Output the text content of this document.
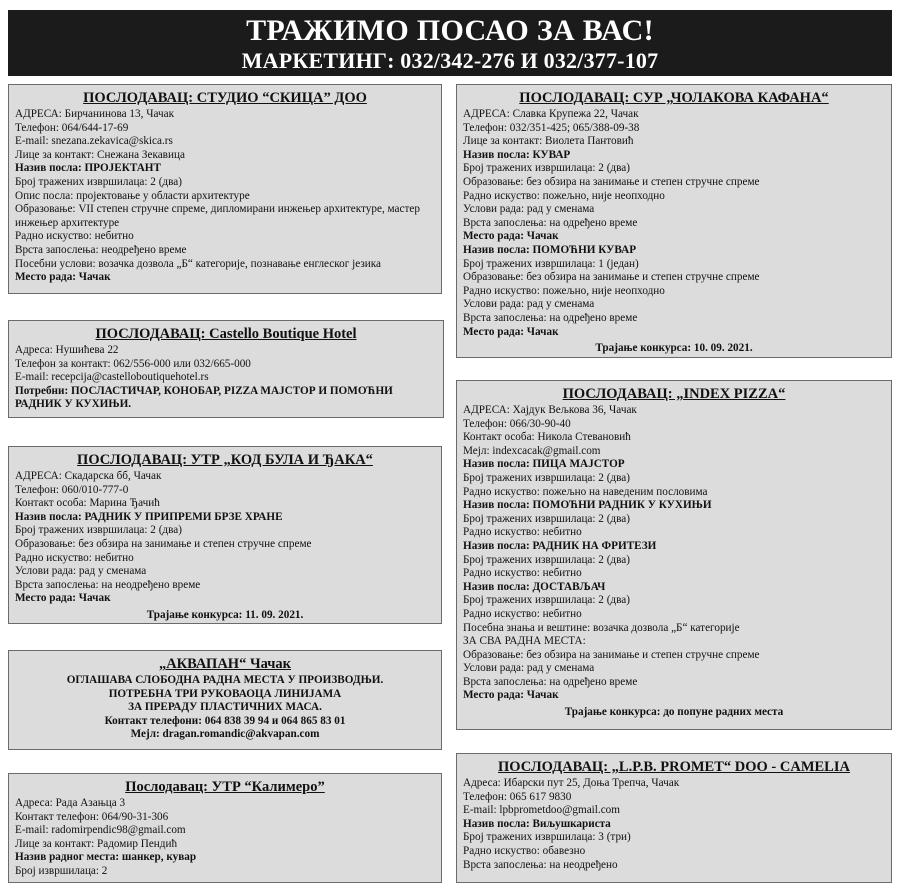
ТРАЖИМО ПОСАО ЗА ВАС!
МАРКЕТИНГ: 032/342-276 И 032/377-107
ПОСЛОДАВАЦ: СТУДИО “СКИЦА” ДОО
АДРЕСА: Бирчанинова 13, Чачак
Телефон: 064/644-17-69
E-mail: snezana.zekavica@skica.rs
Лице за контакт: Снежана Зекавица
Назив посла: ПРОЈЕКТАНТ
Број тражених извршилаца: 2 (два)
Опис посла: пројектовање у области архитектуре
Образовање: VII степен стручне спреме, дипломирани инжењер архитектуре, мастер инжењер архитектуре
Радно искуство: небитно
Врста запослења: неодређено време
Посебни услови: возачка дозвола „Б“ категорије, познавање енглеског језика
Место рада: Чачак
ПОСЛОДАВАЦ: Castello Boutique Hotel
Адреса: Нушићева 22
Телефон за контакт: 062/556-000 или 032/665-000
E-mail: recepcija@castelloboutiquehotel.rs
Потребни: ПОСЛАСТИЧАР, КОНОБАР, PIZZA МАЈСТОР И ПОМОЋНИ
РАДНИК У КУХИЊИ.
ПОСЛОДАВАЦ: УТР „КОД БУЛА И ЂАКА“
АДРЕСА: Скадарска бб, Чачак
Телефон: 060/010-777-0
Контакт особа: Марина Ђачић
Назив посла: РАДНИК У ПРИПРЕМИ БРЗЕ ХРАНЕ
Број тражених извршилаца: 2 (два)
Образовање: без обзира на занимање и степен стручне спреме
Радно искуство: небитно
Услови рада: рад у сменама
Врста запослења: на неодређено време
Место рада: Чачак
Трајање конкурса: 11. 09. 2021.
„АКВАПАН“ Чачак
ОГЛАШАВА СЛОБОДНА РАДНА МЕСТА У ПРОИЗВОДЊИ.
ПОТРЕБНА ТРИ РУКОВАОЦА ЛИНИЈАМА
ЗА ПРЕРАДУ ПЛАСТИЧНИХ МАСА.
Контакт телефони: 064 838 39 94 и 064 865 83 01
Мејл: dragan.romandic@akvapan.com
Послодавац: УТР “Калимеро”
Адреса: Рада Азањца 3
Контакт телефон: 064/90-31-306
E-mail: radomirpendic98@gmail.com
Лице за контакт: Радомир Пендић
Назив радног места: шанкер, кувар
Број извршилаца: 2
ПОСЛОДАВАЦ: СУР „ЧОЛАКОВА КАФАНА“
АДРЕСА: Славка Крупежа 22, Чачак
Телефон: 032/351-425; 065/388-09-38
Лице за контакт: Виолета Пантовић
Назив посла: КУВАР
Број тражених извршилаца: 2 (два)
Образовање: без обзира на занимање и степен стручне спреме
Радно искуство: пожељно, није неопходно
Услови рада: рад у сменама
Врста запослења: на одређено време
Место рада: Чачак
Назив посла: ПОМОЋНИ КУВАР
Број тражених извршилаца: 1 (један)
Образовање: без обзира на занимање и степен стручне спреме
Радно искуство: пожељно, није неопходно
Услови рада: рад у сменама
Врста запослења: на одређено време
Место рада: Чачак
Трајање конкурса: 10. 09. 2021.
ПОСЛОДАВАЦ: „INDEX PIZZA“
АДРЕСА: Хајдук Вељкова 36, Чачак
Телефон: 066/30-90-40
Контакт особа: Никола Стевановић
Мејл: indexcacak@gmail.com
Назив посла: ПИЦА МАЈСТОР
Број тражених извршилаца: 2 (два)
Радно искуство: пожељно на наведеним пословима
Назив посла: ПОМОЋНИ РАДНИК У КУХИЊИ
Број тражених извршилаца: 2 (два)
Радно искуство: небитно
Назив посла: РАДНИК НА ФРИТЕЗИ
Број тражених извршилаца: 2 (два)
Радно искуство: небитно
Назив посла: ДОСТАВЉАЧ
Број тражених извршилаца: 2 (два)
Радно искуство: небитно
Посебна знања и вештине: возачка дозвола „Б“ категорије
ЗА СВА РАДНА МЕСТА:
Образовање: без обзира на занимање и степен стручне спреме
Услови рада: рад у сменама
Врста запослења: на одређено време
Место рада: Чачак
Трајање конкурса: до попуне радних места
ПОСЛОДАВАЦ: „L.P.B. PROMET“ DOO - CAMELIA
Адреса: Ибарски пут 25, Доња Трепча, Чачак
Телефон: 065 617 9830
E-mail: lpbprometdoo@gmail.com
Назив посла: Виљушкаристa
Број тражених извршилаца: 3 (три)
Радно искуство: обавезно
Врста запослења: на неодређено
